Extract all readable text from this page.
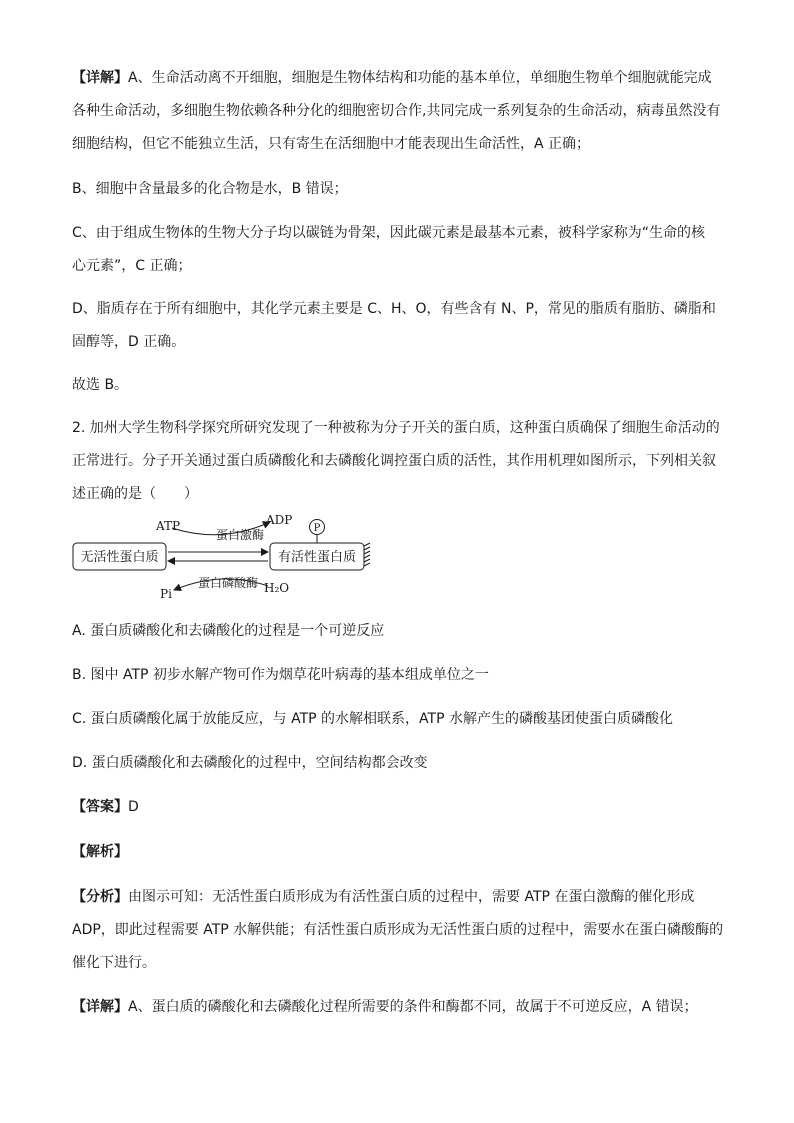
【详解】A、生命活动离不开细胞，细胞是生物体结构和功能的基本单位，单细胞生物单个细胞就能完成
各种生命活动，多细胞生物依赖各种分化的细胞密切合作,共同完成一系列复杂的生命活动，病毒虽然没有
细胞结构，但它不能独立生活，只有寄生在活细胞中才能表现出生命活性，A 正确；
B、细胞中含量最多的化合物是水，B 错误；
C、由于组成生物体的生物大分子均以碳链为骨架，因此碳元素是最基本元素，被科学家称为“生命的核
心元素”，C 正确；
D、脂质存在于所有细胞中，其化学元素主要是 C、H、O，有些含有 N、P，常见的脂质有脂肪、磷脂和
固醇等，D 正确。
故选 B。
2. 加州大学生物科学探究所研究发现了一种被称为分子开关的蛋白质，这种蛋白质确保了细胞生命活动的
正常进行。分子开关通过蛋白质磷酸化和去磷酸化调控蛋白质的活性，其作用机理如图所示，下列相关叙
述正确的是（　　）
A. 蛋白质磷酸化和去磷酸化的过程是一个可逆反应
B. 图中 ATP 初步水解产物可作为烟草花叶病毒的基本组成单位之一
C. 蛋白质磷酸化属于放能反应，与 ATP 的水解相联系，ATP 水解产生的磷酸基团使蛋白质磷酸化
D. 蛋白质磷酸化和去磷酸化的过程中，空间结构都会改变
【答案】D
【解析】
【分析】由图示可知：无活性蛋白质形成为有活性蛋白质的过程中，需要 ATP 在蛋白激酶的催化形成
ADP，即此过程需要 ATP 水解供能；有活性蛋白质形成为无活性蛋白质的过程中，需要水在蛋白磷酸酶的
催化下进行。
【详解】A、蛋白质的磷酸化和去磷酸化过程所需要的条件和酶都不同，故属于不可逆反应，A 错误；
无活性蛋白质	有活性蛋白质
ATP	ADP
蛋白激酶	P
Pi	H₂O
蛋白磷酸酶
